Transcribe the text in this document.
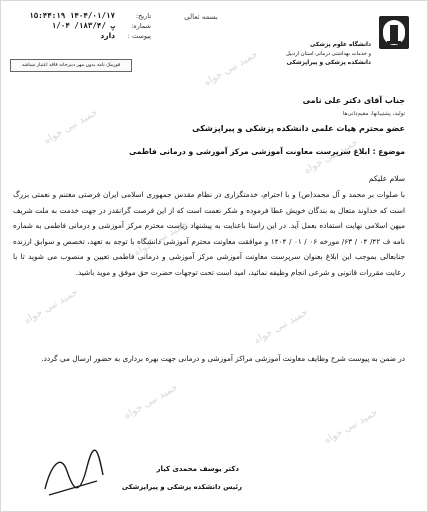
حمید نبی خواه
حمید نبی خواه
حمید نبی خواه
حمید نبی خواه
حمید نبی خواه
حمید نبی خواه
حمید نبی خواه
حمید نبی خواه
بسمه تعالی
تاریخ:
۱۴۰۴/۰۱/۱۷ ۱۵:۴۴:۱۹
شماره:
پ /۱۸۳/۴/ ۱/۰۴
پیوست :
دارد
فورمک نامه بدون مهر دبیرخانه فاقد اعتبار میباشد
دانشگاه علوم پزشکی
و خدمات بهداشتی درمانی استان اردبیل
دانشکده پزشکی و پیراپزشکی
جناب آقای دکتر علی نامی
تولید، پشتیبانها، مقیم‌دانی‌ها
عضو محترم هیات علمی دانشکده پزشکی و پیراپزشکی
موضوع : ابلاغ سرپرست معاونت آموزشی مرکز آموزشی و درمانی فاطمی
سلام علیکم
با صلوات بر محمد و آل محمد(ص) و با احترام، خدمتگزاری در نظام مقدس جمهوری اسلامی ایران فرصتی مغتنم و نعمتی بزرگ است که خداوند متعال به بندگان خویش عطا فرموده و شکر نعمت است که از این فرصت گرانقدر در جهت خدمت به ملت شریف میهن اسلامی نهایت استفاده بعمل آید. در این راستا باعنایت به پیشنهاد ریاست محترم مرکز آموزشی و درمانی فاطمی به شماره نامه ف ۴۲/ ۰۴ / ۶۳/ مورخه ۰۶ / ۰۱ / ۱۴۰۴ و موافقت معاونت محترم آموزشی دانشگاه با توجه به تعهد، تخصص و سوابق ارزنده جنابعالی بموجب این ابلاغ بعنوان سرپرست معاونت آموزشی مرکز آموزشی و درمانی فاطمی تعیین و منصوب می شوید تا با رعایت مقررات قانونی و شرعی انجام وظیفه نمائید، امید است تحت توجهات حضرت حق موفق و موید باشید.
در ضمن به پیوست شرح وظایف معاونت آموزشی مراکز آموزشی و درمانی جهت بهره برداری به حضور ارسال می گردد.
دکتر یوسف محمدی کیار
رئیس دانشکده پزشکی و پیراپزشکی
